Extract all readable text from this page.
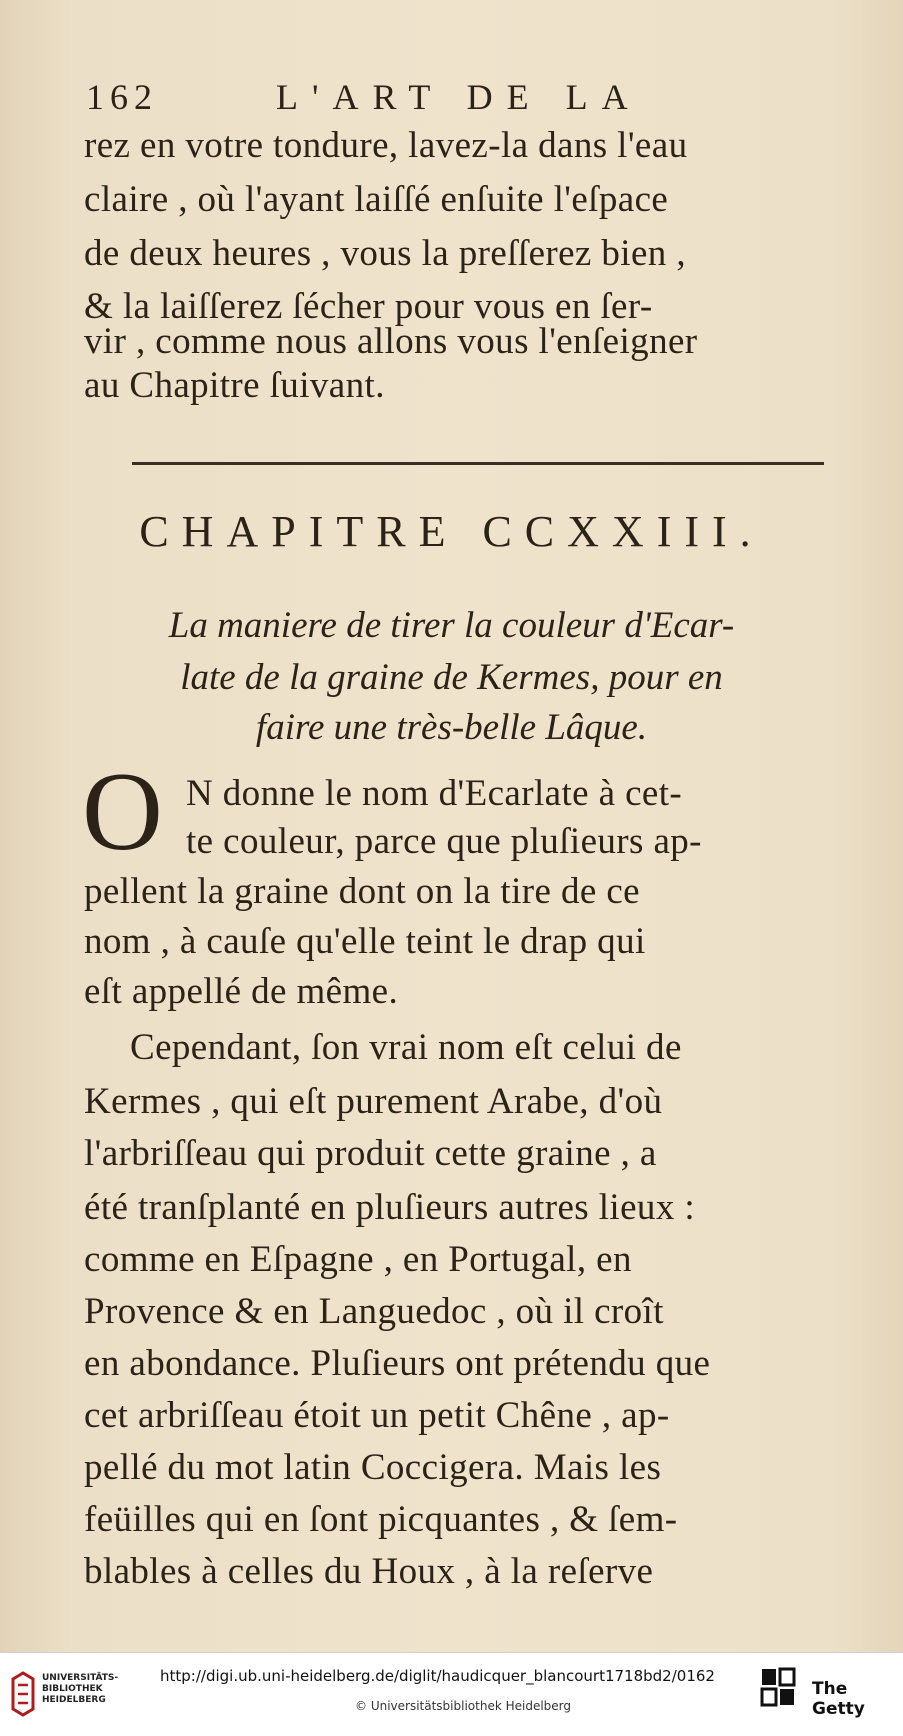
162	L'ART DE LA
rez en votre tondure, lavez-la dans l'eau
claire , où l'ayant laiſſé enſuite l'eſpace
de deux heures , vous la preſſerez bien ,
& la laiſſerez ſécher pour vous en ſer-
vir , comme nous allons vous l'enſeigner
au Chapitre ſuivant.
CHAPITRE CCXXIII.
La maniere de tirer la couleur d'Ecar-
late de la graine de Kermes, pour en
faire une très-belle Lâque.
O N donne le nom d'Ecarlate à cet-
te couleur, parce que pluſieurs ap-
pellent la graine dont on la tire de ce
nom , à cauſe qu'elle teint le drap qui
eſt appellé de même.
Cependant, ſon vrai nom eſt celui de
Kermes , qui eſt purement Arabe, d'où
l'arbriſſeau qui produit cette graine , a
été tranſplanté en pluſieurs autres lieux :
comme en Eſpagne , en Portugal, en
Provence & en Languedoc , où il croît
en abondance. Pluſieurs ont prétendu que
cet arbriſſeau étoit un petit Chêne , ap-
pellé du mot latin Coccigera. Mais les
feüilles qui en ſont picquantes , & ſem-
blables à celles du Houx , à la reſerve
UNIVERSITÄTS-
BIBLIOTHEK
HEIDELBERG
http://digi.ub.uni-heidelberg.de/diglit/haudicquer_blancourt1718bd2/0162
© Universitätsbibliothek Heidelberg
The Getty
